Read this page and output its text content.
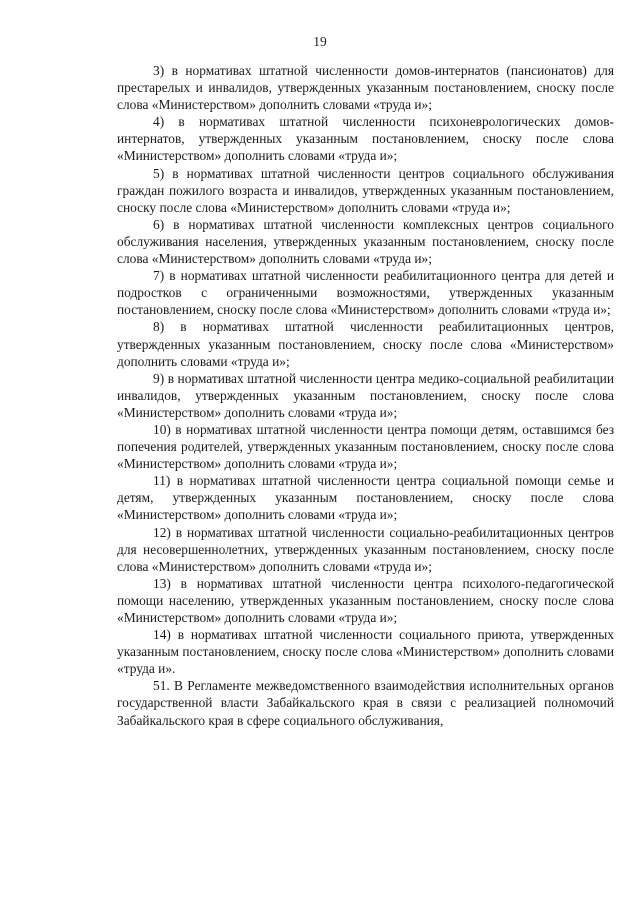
19

3) в нормативах штатной численности домов-интернатов (пансионатов) для престарелых и инвалидов, утвержденных указанным постановлением, сноску после слова «Министерством» дополнить словами «труда и»;

4) в нормативах штатной численности психоневрологических домов-интернатов, утвержденных указанным постановлением, сноску после слова «Министерством» дополнить словами «труда и»;

5) в нормативах штатной численности центров социального обслуживания граждан пожилого возраста и инвалидов, утвержденных указанным постановлением, сноску после слова «Министерством» дополнить словами «труда и»;

6) в нормативах штатной численности комплексных центров социального обслуживания населения, утвержденных указанным постановлением, сноску после слова «Министерством» дополнить словами «труда и»;

7) в нормативах штатной численности реабилитационного центра для детей и подростков с ограниченными возможностями, утвержденных указанным постановлением, сноску после слова «Министерством» дополнить словами «труда и»;

8) в нормативах штатной численности реабилитационных центров, утвержденных указанным постановлением, сноску после слова «Министерством» дополнить словами «труда и»;

9) в нормативах штатной численности центра медико-социальной реабилитации инвалидов, утвержденных указанным постановлением, сноску после слова «Министерством» дополнить словами «труда и»;

10) в нормативах штатной численности центра помощи детям, оставшимся без попечения родителей, утвержденных указанным постановлением, сноску после слова «Министерством» дополнить словами «труда и»;

11) в нормативах штатной численности центра социальной помощи семье и детям, утвержденных указанным постановлением, сноску после слова «Министерством» дополнить словами «труда и»;

12) в нормативах штатной численности социально-реабилитационных центров для несовершеннолетних, утвержденных указанным постановлением, сноску после слова «Министерством» дополнить словами «труда и»;

13) в нормативах штатной численности центра психолого-педагогической помощи населению, утвержденных указанным постановлением, сноску после слова «Министерством» дополнить словами «труда и»;

14) в нормативах штатной численности социального приюта, утвержденных указанным постановлением, сноску после слова «Министерством» дополнить словами «труда и».

51. В Регламенте межведомственного взаимодействия исполнительных органов государственной власти Забайкальского края в связи с реализацией полномочий Забайкальского края в сфере социального обслуживания,
